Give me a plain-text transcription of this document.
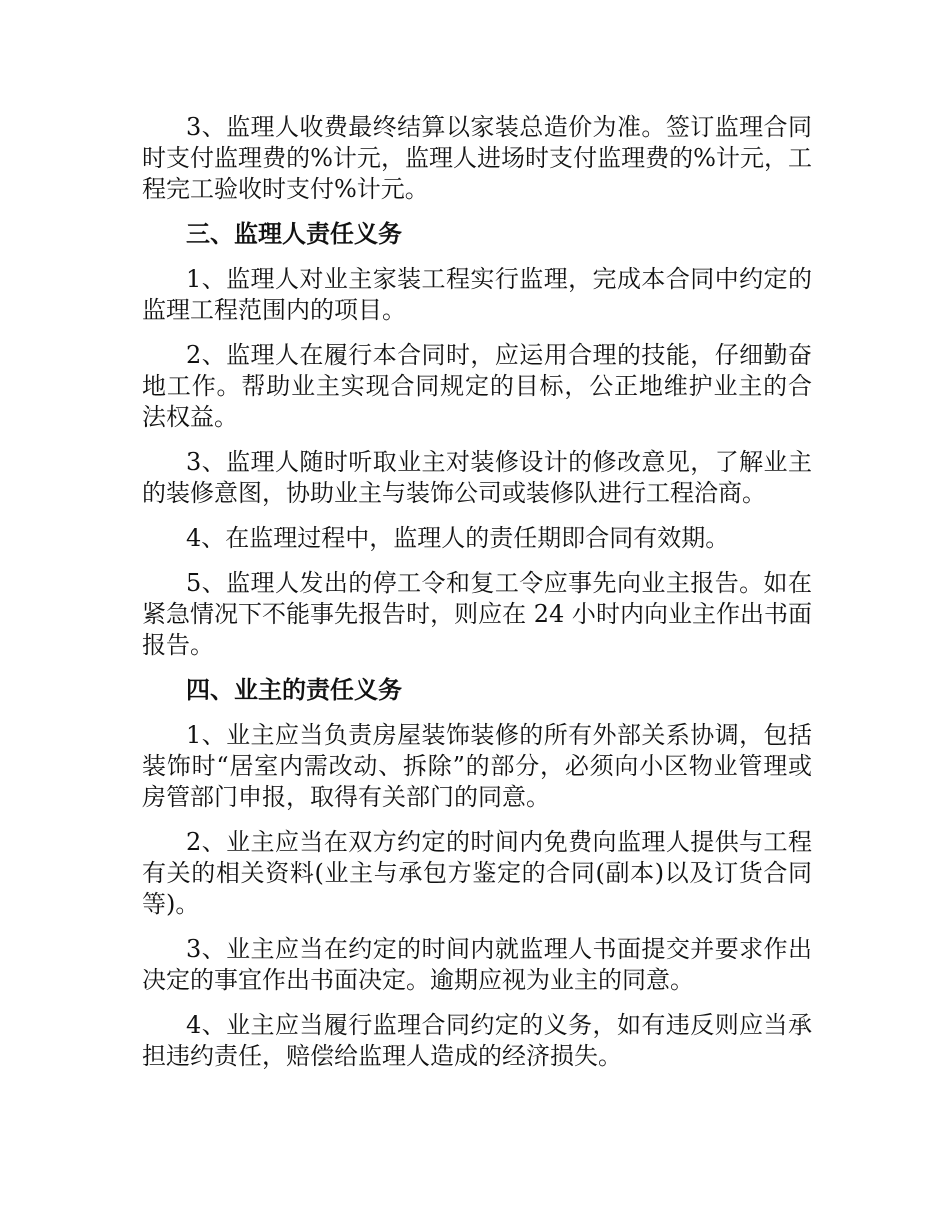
3、监理人收费最终结算以家装总造价为准。签订监理合同时支付监理费的%计元，监理人进场时支付监理费的%计元，工程完工验收时支付%计元。

三、监理人责任义务

1、监理人对业主家装工程实行监理，完成本合同中约定的监理工程范围内的项目。

2、监理人在履行本合同时，应运用合理的技能，仔细勤奋地工作。帮助业主实现合同规定的目标，公正地维护业主的合法权益。

3、监理人随时听取业主对装修设计的修改意见，了解业主的装修意图，协助业主与装饰公司或装修队进行工程洽商。

4、在监理过程中，监理人的责任期即合同有效期。

5、监理人发出的停工令和复工令应事先向业主报告。如在紧急情况下不能事先报告时，则应在 24 小时内向业主作出书面报告。

四、业主的责任义务

1、业主应当负责房屋装饰装修的所有外部关系协调，包括装饰时“居室内需改动、拆除”的部分，必须向小区物业管理或房管部门申报，取得有关部门的同意。

2、业主应当在双方约定的时间内免费向监理人提供与工程有关的相关资料(业主与承包方鉴定的合同(副本)以及订货合同等)。

3、业主应当在约定的时间内就监理人书面提交并要求作出决定的事宜作出书面决定。逾期应视为业主的同意。

4、业主应当履行监理合同约定的义务，如有违反则应当承担违约责任，赔偿给监理人造成的经济损失。
